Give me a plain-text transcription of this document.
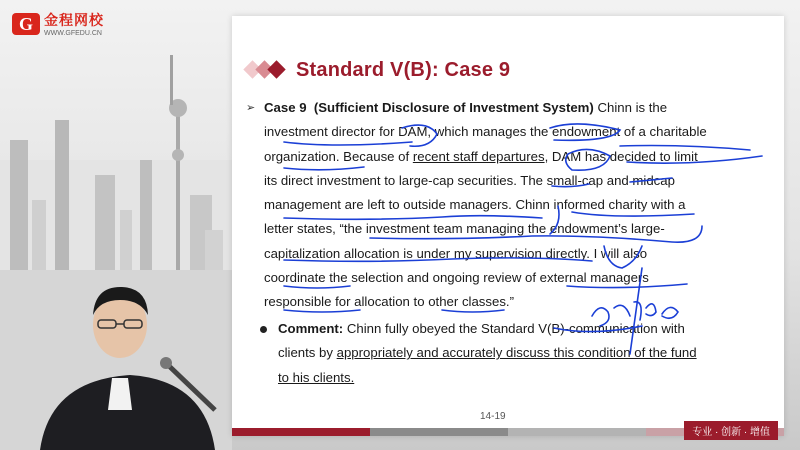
G 金程网校
WWW.GFEDU.CN
Standard V(B): Case 9
➢ Case 9 (Sufficient Disclosure of Investment System) Chinn is the
investment director for DAM, which manages the endowment of a charitable
organization. Because of recent staff departures, DAM has decided to limit
its direct investment to large-cap securities. The small-cap and midcap
management are left to outside managers. Chinn informed charity with a
letter states, “the investment team managing the endowment’s large-
capitalization allocation is under my supervision directly. I will also
coordinate the selection and ongoing review of external managers
responsible for allocation to other classes.”
Comment: Chinn fully obeyed the Standard V(B)-communication with
clients by appropriately and accurately discuss this condition of the fund
to his clients.
14-19
专业 · 创新 · 增值
